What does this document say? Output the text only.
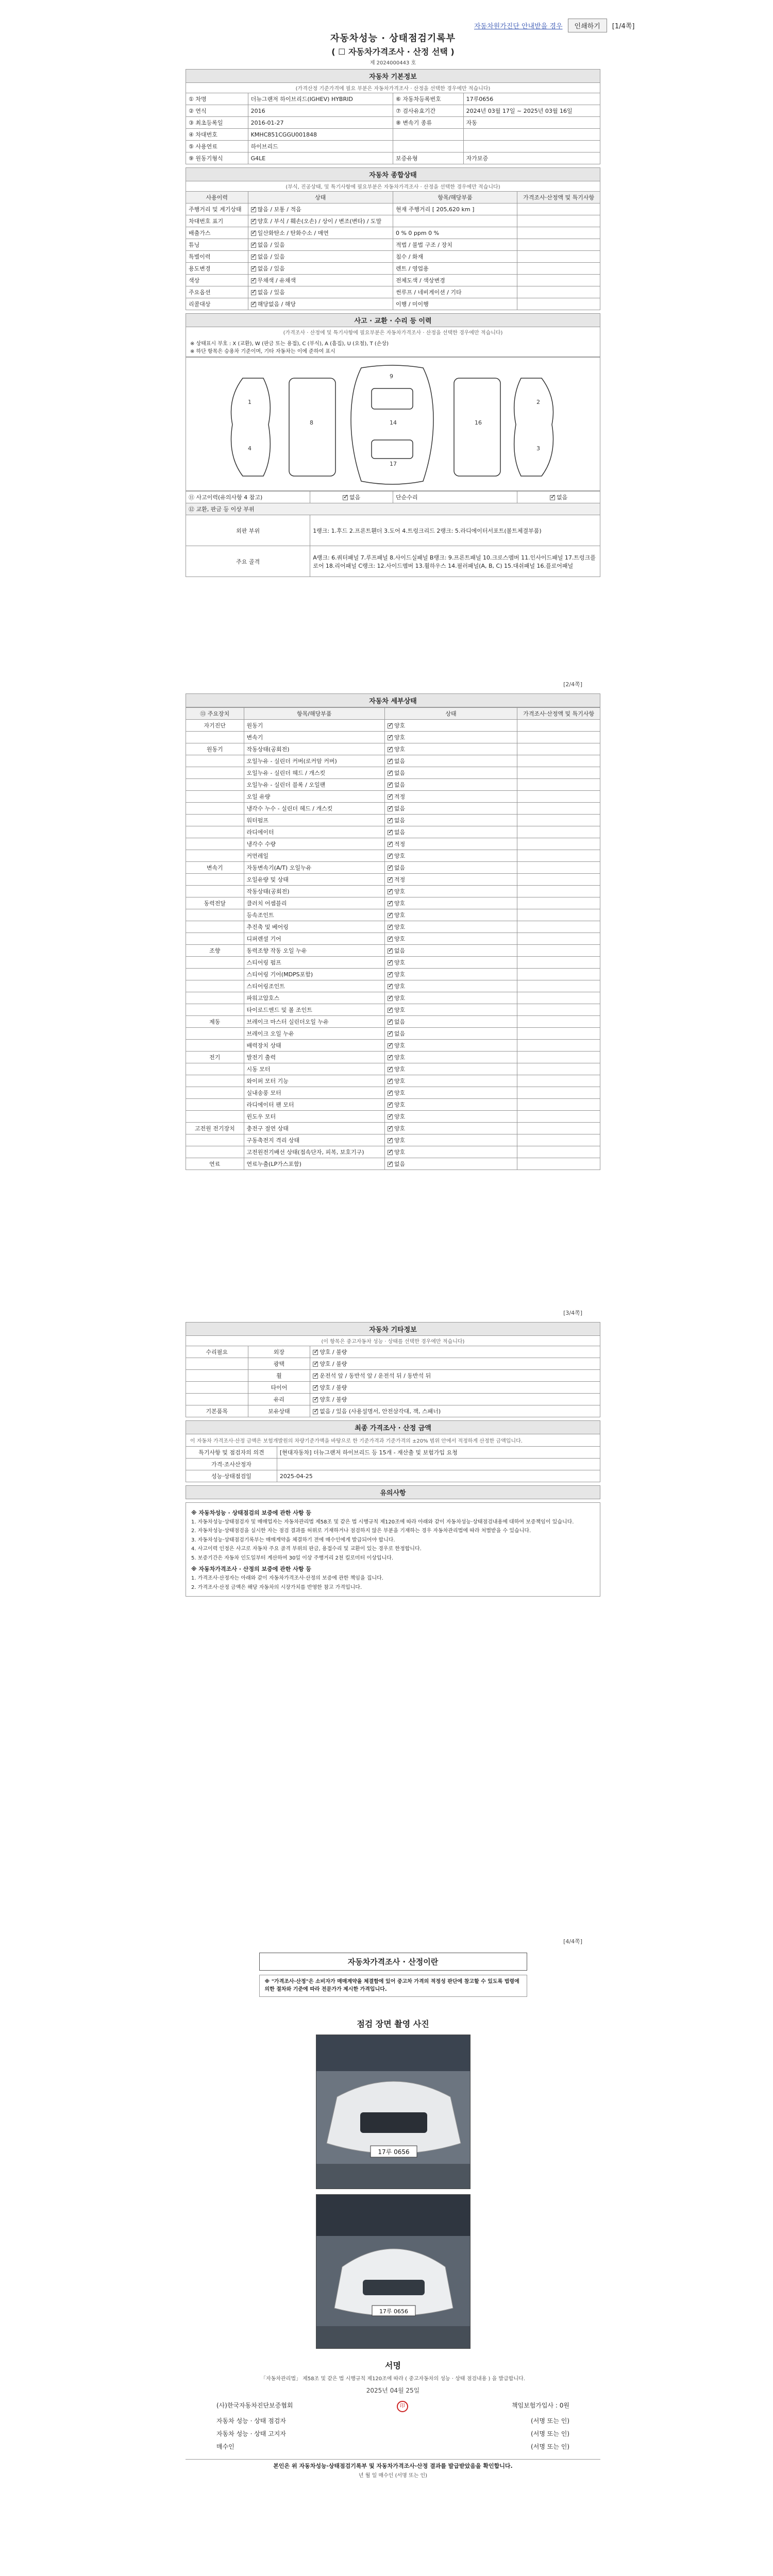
자동차원가진단 안내받을 경우	인쇄하기	[1/4쪽]
자동차성능 · 상태점검기록부
( ☐ 자동차가격조사 · 산정 선택 )
제 2024000443 호
자동차 기본정보
(가격산정 기준가격에 필요 부분은 자동차가격조사 · 산정을 선택한 경우에만 적습니다)
① 차명	더뉴그랜저 하이브리드(IGHEV) HYBRID	⑥ 자동차등록번호	17루0656
② 연식	2016	⑦ 검사유효기간	2024년 03월 17일 ~ 2025년 03월 16일
③ 최초등록일	2016-01-27	⑧ 변속기 종류	자동
④ 차대번호	KMHC851CGGU001848		
⑤ 사용연료	하이브리드		
⑨ 원동기형식	G4LE	보증유형	자가보증
자동차 종합상태
(부식, 진공상태, 및 특기사항에 필요부분은 자동차가격조사 · 산정을 선택한 경우에만 적습니다)
사용이력	상태	항목/해당부품	가격조사·산정액 및 특기사항
주행거리 및 계기상태	✓많음 / 보통 / 적음	현재 주행거리 [ 205,620 km ]	
차대번호 표기	✓양호 / 부식 / 훼손(오손) / 상이 / 변조(변타) / 도말		
배출가스	✓일산화탄소 / 탄화수소 / 매연	0 % 0 ppm 0 %	
튜닝	✓없음 / 있음	적법 / 불법 구조 / 장치	
특별이력	✓없음 / 있음	침수 / 화재	
용도변경	✓없음 / 있음	렌트 / 영업용	
색상	✓무채색 / 유채색	전체도색 / 색상변경	
주요옵션	✓없음 / 있음	썬루프 / 네비게이션 / 기타	
리콜대상	✓해당없음 / 해당	이행 / 미이행	
사고 · 교환 · 수리 등 이력
(가격조사 · 산정에 및 특기사항에 필요부분은 자동차가격조사 · 산정을 선택한 경우에만 적습니다)
※ 상태표시 부호 : X (교환), W (판금 또는 용접), C (부식), A (흠집), U (요철), T (손상)
※ 하단 항목은 승용차 기준이며, 기타 자동차는 이에 준하여 표시
14
17
9
16
8
1
4
2
3
⑪ 사고이력(유의사항 4 참고)	✓없음	단순수리	✓없음
⑫ 교환, 판금 등 이상 부위			
외판 부위	1랭크: 1.후드 2.프론트휀더 3.도어 4.트렁크리드 2랭크: 5.라디에이터서포트(볼트체결부품)		
주요 골격	A랭크: 6.쿼터패널 7.루프패널 8.사이드실패널 B랭크: 9.프론트패널 10.크로스멤버 11.인사이드패널 17.트렁크플로어 18.리어패널 C랭크: 12.사이드멤버 13.휠하우스 14.필러패널(A, B, C) 15.대쉬패널 16.플로어패널		
[2/4쪽]
자동차 세부상태
⑬ 주요장치	항목/해당부품	상태	가격조사·산정액 및 특기사항
자기진단	원동기	✓양호	
	변속기	✓양호	
원동기	작동상태(공회전)	✓양호	
	오일누유 - 실린더 커버(로커암 커버)	✓없음	
	오일누유 - 실린더 헤드 / 개스킷	✓없음	
	오일누유 - 실린더 블록 / 오일팬	✓없음	
	오일 유량	✓적정	
	냉각수 누수 - 실린더 헤드 / 개스킷	✓없음	
	워터펌프	✓없음	
	라디에이터	✓없음	
	냉각수 수량	✓적정	
	커먼레일	✓양호	
변속기	자동변속기(A/T) 오일누유	✓없음	
	오일유량 및 상태	✓적정	
	작동상태(공회전)	✓양호	
동력전달	클러치 어셈블리	✓양호	
	등속조인트	✓양호	
	추진축 및 베어링	✓양호	
	디퍼렌셜 기어	✓양호	
조향	동력조향 작동 오일 누유	✓없음	
	스티어링 펌프	✓양호	
	스티어링 기어(MDPS포함)	✓양호	
	스티어링조인트	✓양호	
	파워고압호스	✓양호	
	타이로드엔드 및 볼 조인트	✓양호	
제동	브레이크 마스터 실린더오일 누유	✓없음	
	브레이크 오일 누유	✓없음	
	배력장치 상태	✓양호	
전기	발전기 출력	✓양호	
	시동 모터	✓양호	
	와이퍼 모터 기능	✓양호	
	실내송풍 모터	✓양호	
	라디에이터 팬 모터	✓양호	
	윈도우 모터	✓양호	
고전원 전기장치	충전구 절연 상태	✓양호	
	구동축전지 격리 상태	✓양호	
	고전원전기배선 상태(접속단자, 피복, 보호기구)	✓양호	
연료	연료누출(LP가스포함)	✓없음	
[3/4쪽]
자동차 기타정보
(이 항목은 중고자동차 성능 · 상태를 선택한 경우에만 적습니다)
수리필요	외장	✓양호 / 불량
	광택	✓양호 / 불량
	휠	✓운전석 앞 / 동반석 앞 / 운전석 뒤 / 동반석 뒤
	타이어	✓양호 / 불량
	유리	✓양호 / 불량
기본품목	보유상태	✓없음 / 있음 (사용설명서, 안전삼각대, 잭, 스패너)
최종 가격조사 · 산정 금액
이 자동차 가격조사·산정 금액은 보험개발원의 차량기준가액을 바탕으로 한 기준가격과 기준가격의 ±20% 범위 안에서 적정하게 산정한 금액입니다.
특기사항 및 점검자의 의견	[현대자동차] 더뉴그랜저 하이브리드 등 15개 - 재산출 및 보험가입 요청
가격·조사산정자	
성능·상태점검일	2025-04-25
유의사항
※ 자동차성능 · 상태점검의 보증에 관한 사항 등

1. 자동차성능·상태점검자 및 매매업자는 자동차관리법 제58조 및 같은 법 시행규칙 제120조에 따라 아래와 같이 자동차성능·상태점검내용에 대하여 보증책임이 있습니다.

2. 자동차성능·상태점검을 실시한 자는 점검 결과를 허위로 기재하거나 점검하지 않은 부분을 기재하는 경우 자동차관리법에 따라 처벌받을 수 있습니다.

3. 자동차성능·상태점검기록부는 매매계약을 체결하기 전에 매수인에게 발급되어야 합니다.

4. 사고이력 인정은 사고로 자동차 주요 골격 부위의 판금, 용접수리 및 교환이 있는 경우로 한정합니다.

5. 보증기간은 자동차 인도일부터 계산하여 30일 이상 주행거리 2천 킬로미터 이상입니다.

※ 자동차가격조사 · 산정의 보증에 관한 사항 등

1. 가격조사·산정자는 아래와 같이 자동차가격조사·산정의 보증에 관한 책임을 집니다.

2. 가격조사·산정 금액은 해당 자동차의 시장가치를 반영한 참고 가격입니다.

[4/4쪽]
자동차가격조사 · 산정이란
※ "가격조사·산정"은 소비자가 매매계약을 체결함에 있어 중고차 가격의 적정성 판단에 참고할 수 있도록 법령에 의한 절차와 기준에 따라 전문가가 제시한 가격입니다.
점검 장면 촬영 사진
17루 0656
17루 0656
서명
「자동차관리법」 제58조 및 같은 법 시행규칙 제120조에 따라 ( 중고자동차의 성능 · 상태 점검내용 ) 을 발급합니다.
2025년 04월 25일
(사)한국자동차진단보증협회	印	책임보험가입사 : 0원
자동차 성능 · 상태 점검자	(서명 또는 인)
자동차 성능 · 상태 고지자	(서명 또는 인)
매수인	(서명 또는 인)
본인은 위 자동차성능·상태점검기록부 및 자동차가격조사·산정 결과를 발급받았음을 확인합니다.
년 월 일 매수인 (서명 또는 인)
